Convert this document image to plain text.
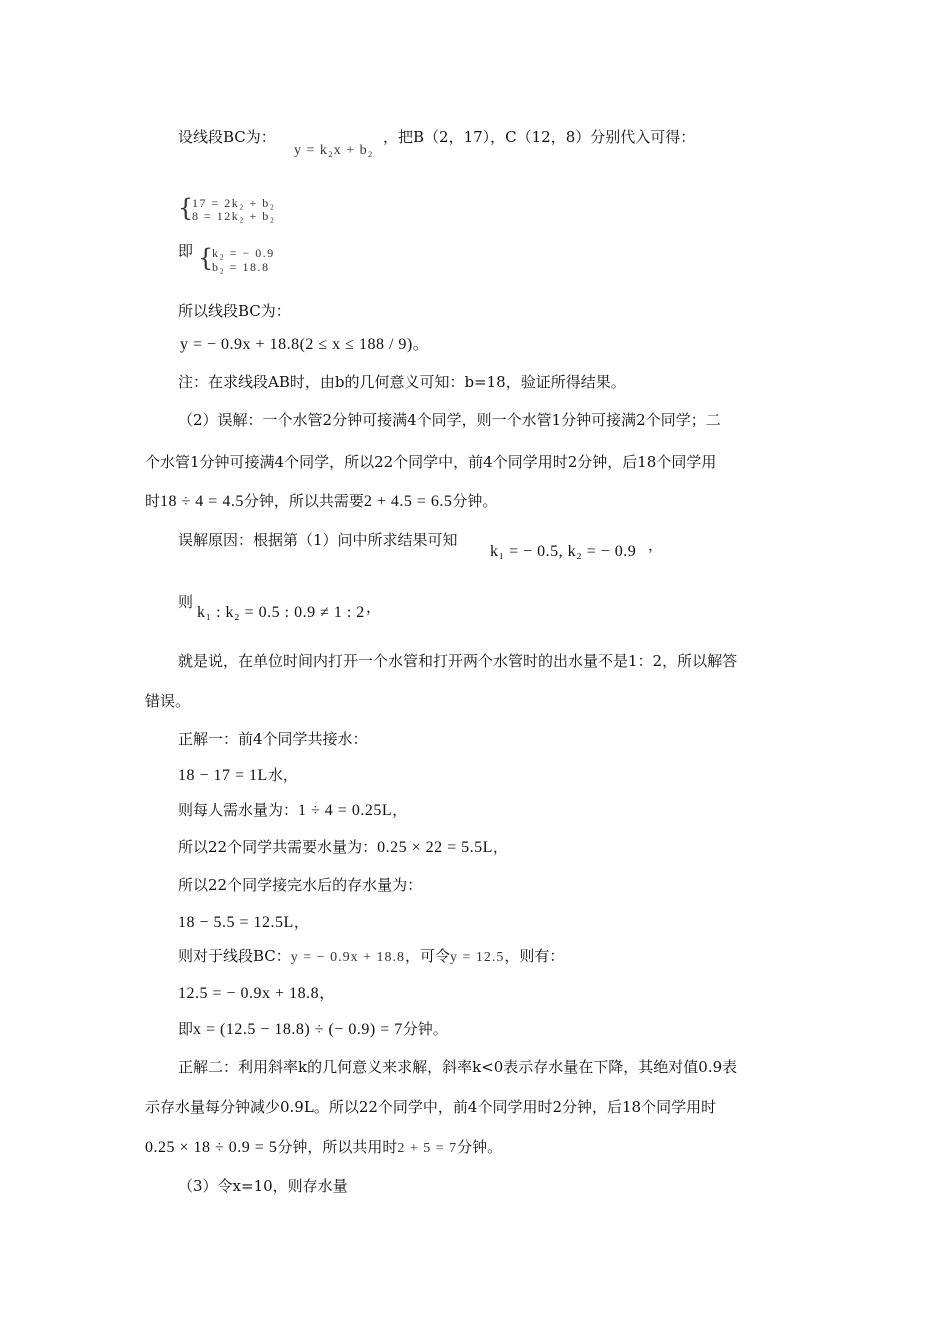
设线段BC为：
y = k₂x + b₂
，把B（2，17），C（12，8）分别代入可得：
{
17 = 2k₂ + b₂
8 = 12k₂ + b₂
即 {
k₂ = − 0.9
b₂ = 18.8
所以线段BC为：
y = − 0.9x + 18.8(2 ≤ x ≤ 188 / 9)。
注：在求线段AB时，由b的几何意义可知：b=18，验证所得结果。
（2）误解：一个水管2分钟可接满4个同学，则一个水管1分钟可接满2个同学；二
个水管1分钟可接满4个同学，所以22个同学中，前4个同学用时2分钟，后18个同学用
时18 ÷ 4 = 4.5分钟，所以共需要2 + 4.5 = 6.5分钟。
误解原因：根据第（1）问中所求结果可知
k₁ = − 0.5, k₂ = − 0.9 ，
则
k₁ : k₂ = 0.5 : 0.9 ≠ 1 : 2 ，
就是说，在单位时间内打开一个水管和打开两个水管时的出水量不是1：2，所以解答
错误。
正解一：前4个同学共接水：
18 − 17 = 1L水，
则每人需水量为：1 ÷ 4 = 0.25L，
所以22个同学共需要水量为：0.25 × 22 = 5.5L，
所以22个同学接完水后的存水量为：
18 − 5.5 = 12.5L，
则对于线段BC：y = − 0.9x + 18.8，可令y = 12.5，则有：
12.5 = − 0.9x + 18.8，
即x = (12.5 − 18.8) ÷ (− 0.9) = 7分钟。
正解二：利用斜率k的几何意义来求解，斜率k<0表示存水量在下降，其绝对值0.9表
示存水量每分钟减少0.9L。所以22个同学中，前4个同学用时2分钟，后18个同学用时
0.25 × 18 ÷ 0.9 = 5分钟，所以共用时2 + 5 = 7分钟。
（3）令x=10，则存水量
